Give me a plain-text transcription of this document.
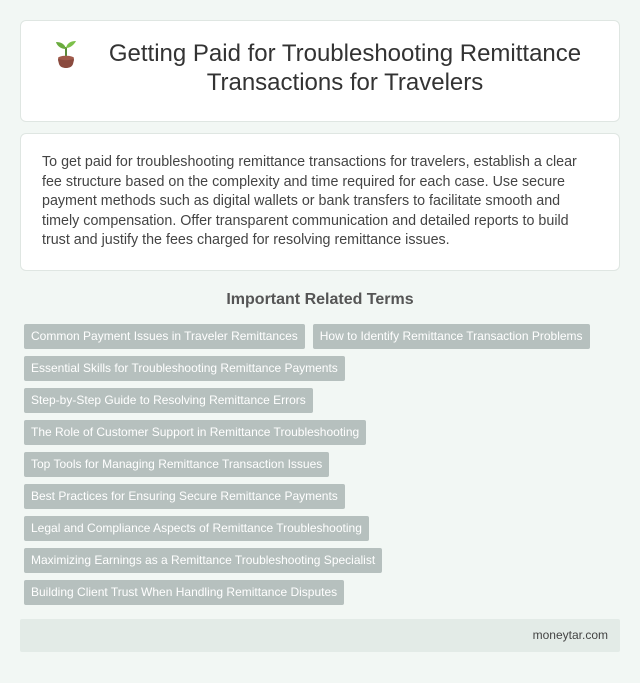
Getting Paid for Troubleshooting Remittance Transactions for Travelers

To get paid for troubleshooting remittance transactions for travelers, establish a clear fee structure based on the complexity and time required for each case. Use secure payment methods such as digital wallets or bank transfers to facilitate smooth and timely compensation. Offer transparent communication and detailed reports to build trust and justify the fees charged for resolving remittance issues.

Important Related Terms
Common Payment Issues in Traveler Remittances	How to Identify Remittance Transaction Problems
Essential Skills for Troubleshooting Remittance Payments
Step-by-Step Guide to Resolving Remittance Errors
The Role of Customer Support in Remittance Troubleshooting
Top Tools for Managing Remittance Transaction Issues
Best Practices for Ensuring Secure Remittance Payments
Legal and Compliance Aspects of Remittance Troubleshooting
Maximizing Earnings as a Remittance Troubleshooting Specialist
Building Client Trust When Handling Remittance Disputes
moneytar.com
